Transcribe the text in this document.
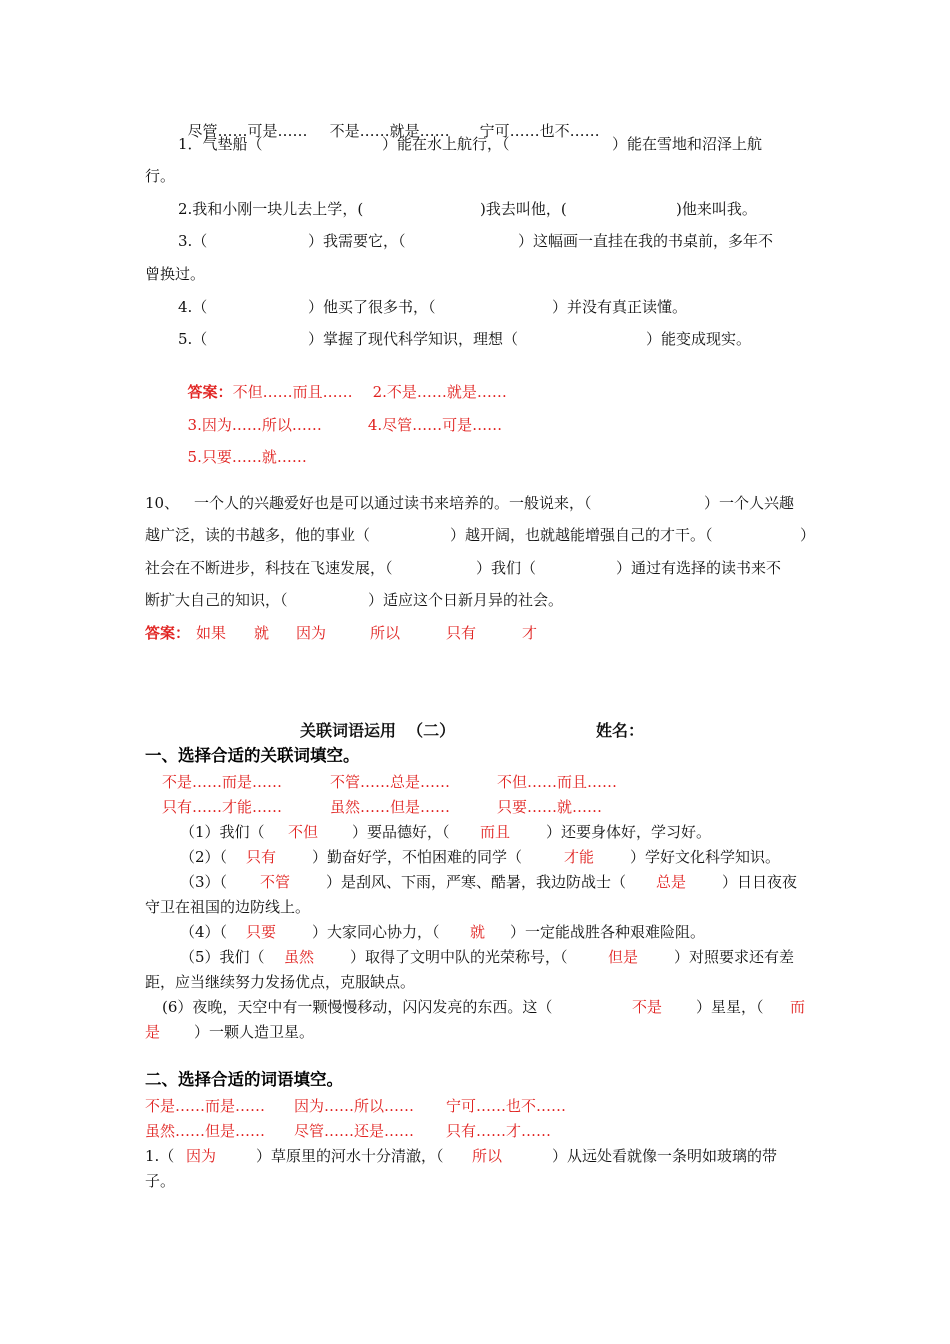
尽管……可是…… 不是……就是…… 宁可……也不……

1．气垫船（	）能在水上航行，（	）能在雪地和沼泽上航
行。
2.我和小刚一块儿去上学，(	)我去叫他，(	)他来叫我。
3.（	）我需要它，（	）这幅画一直挂在我的书桌前，多年不
曾换过。
4.（	）他买了很多书，（	）并没有真正读懂。
5.（	）掌握了现代科学知识，理想（	）能变成现实。

答案：不但……而且…… 2.不是……就是……

3.因为……所以……	4.尽管……可是……

5.只要……就……

10、 一个人的兴趣爱好也是可以通过读书来培养的。一般说来，（	）一个人兴趣
越广泛，读的书越多，他的事业（	）越开阔，也就越能增强自己的才干。（	）
社会在不断进步，科技在飞速发展，（	）我们（	）通过有选择的读书来不
断扩大自己的知识，（	）适应这个日新月异的社会。
答案： 如果 就 因为	所以	只有	才
关联词语运用  （二）	姓名：
一、选择合适的关联词填空。
不是……而是……	不管……总是……	不但……而且……
只有……才能……	虽然……但是……	只要……就……
（1）我们（ 不但 ）要品德好，（ 而且 ）还要身体好，学习好。
（2）（ 只有 ）勤奋好学，不怕困难的同学（	才能 ）学好文化科学知识。
（3）（ 不管 ）是刮风、下雨，严寒、酷暑，我边防战士（ 总是 ）日日夜夜
守卫在祖国的边防线上。
（4）（ 只要 ）大家同心协力，（ 就 ）一定能战胜各种艰难险阻。
（5）我们（ 虽然 ）取得了文明中队的光荣称号，（	但是 ）对照要求还有差
距，应当继续努力发扬优点，克服缺点。
(6）夜晚，天空中有一颗慢慢移动，闪闪发亮的东西。这（	不是 ）星星，（ 而
是 ）一颗人造卫星。
二、选择合适的词语填空。
不是……而是…… 因为……所以…… 宁可……也不……
虽然……但是…… 尽管……还是…… 只有……才……
1.（ 因为	）草原里的河水十分清澈，（ 所以	）从远处看就像一条明如玻璃的带
子。
